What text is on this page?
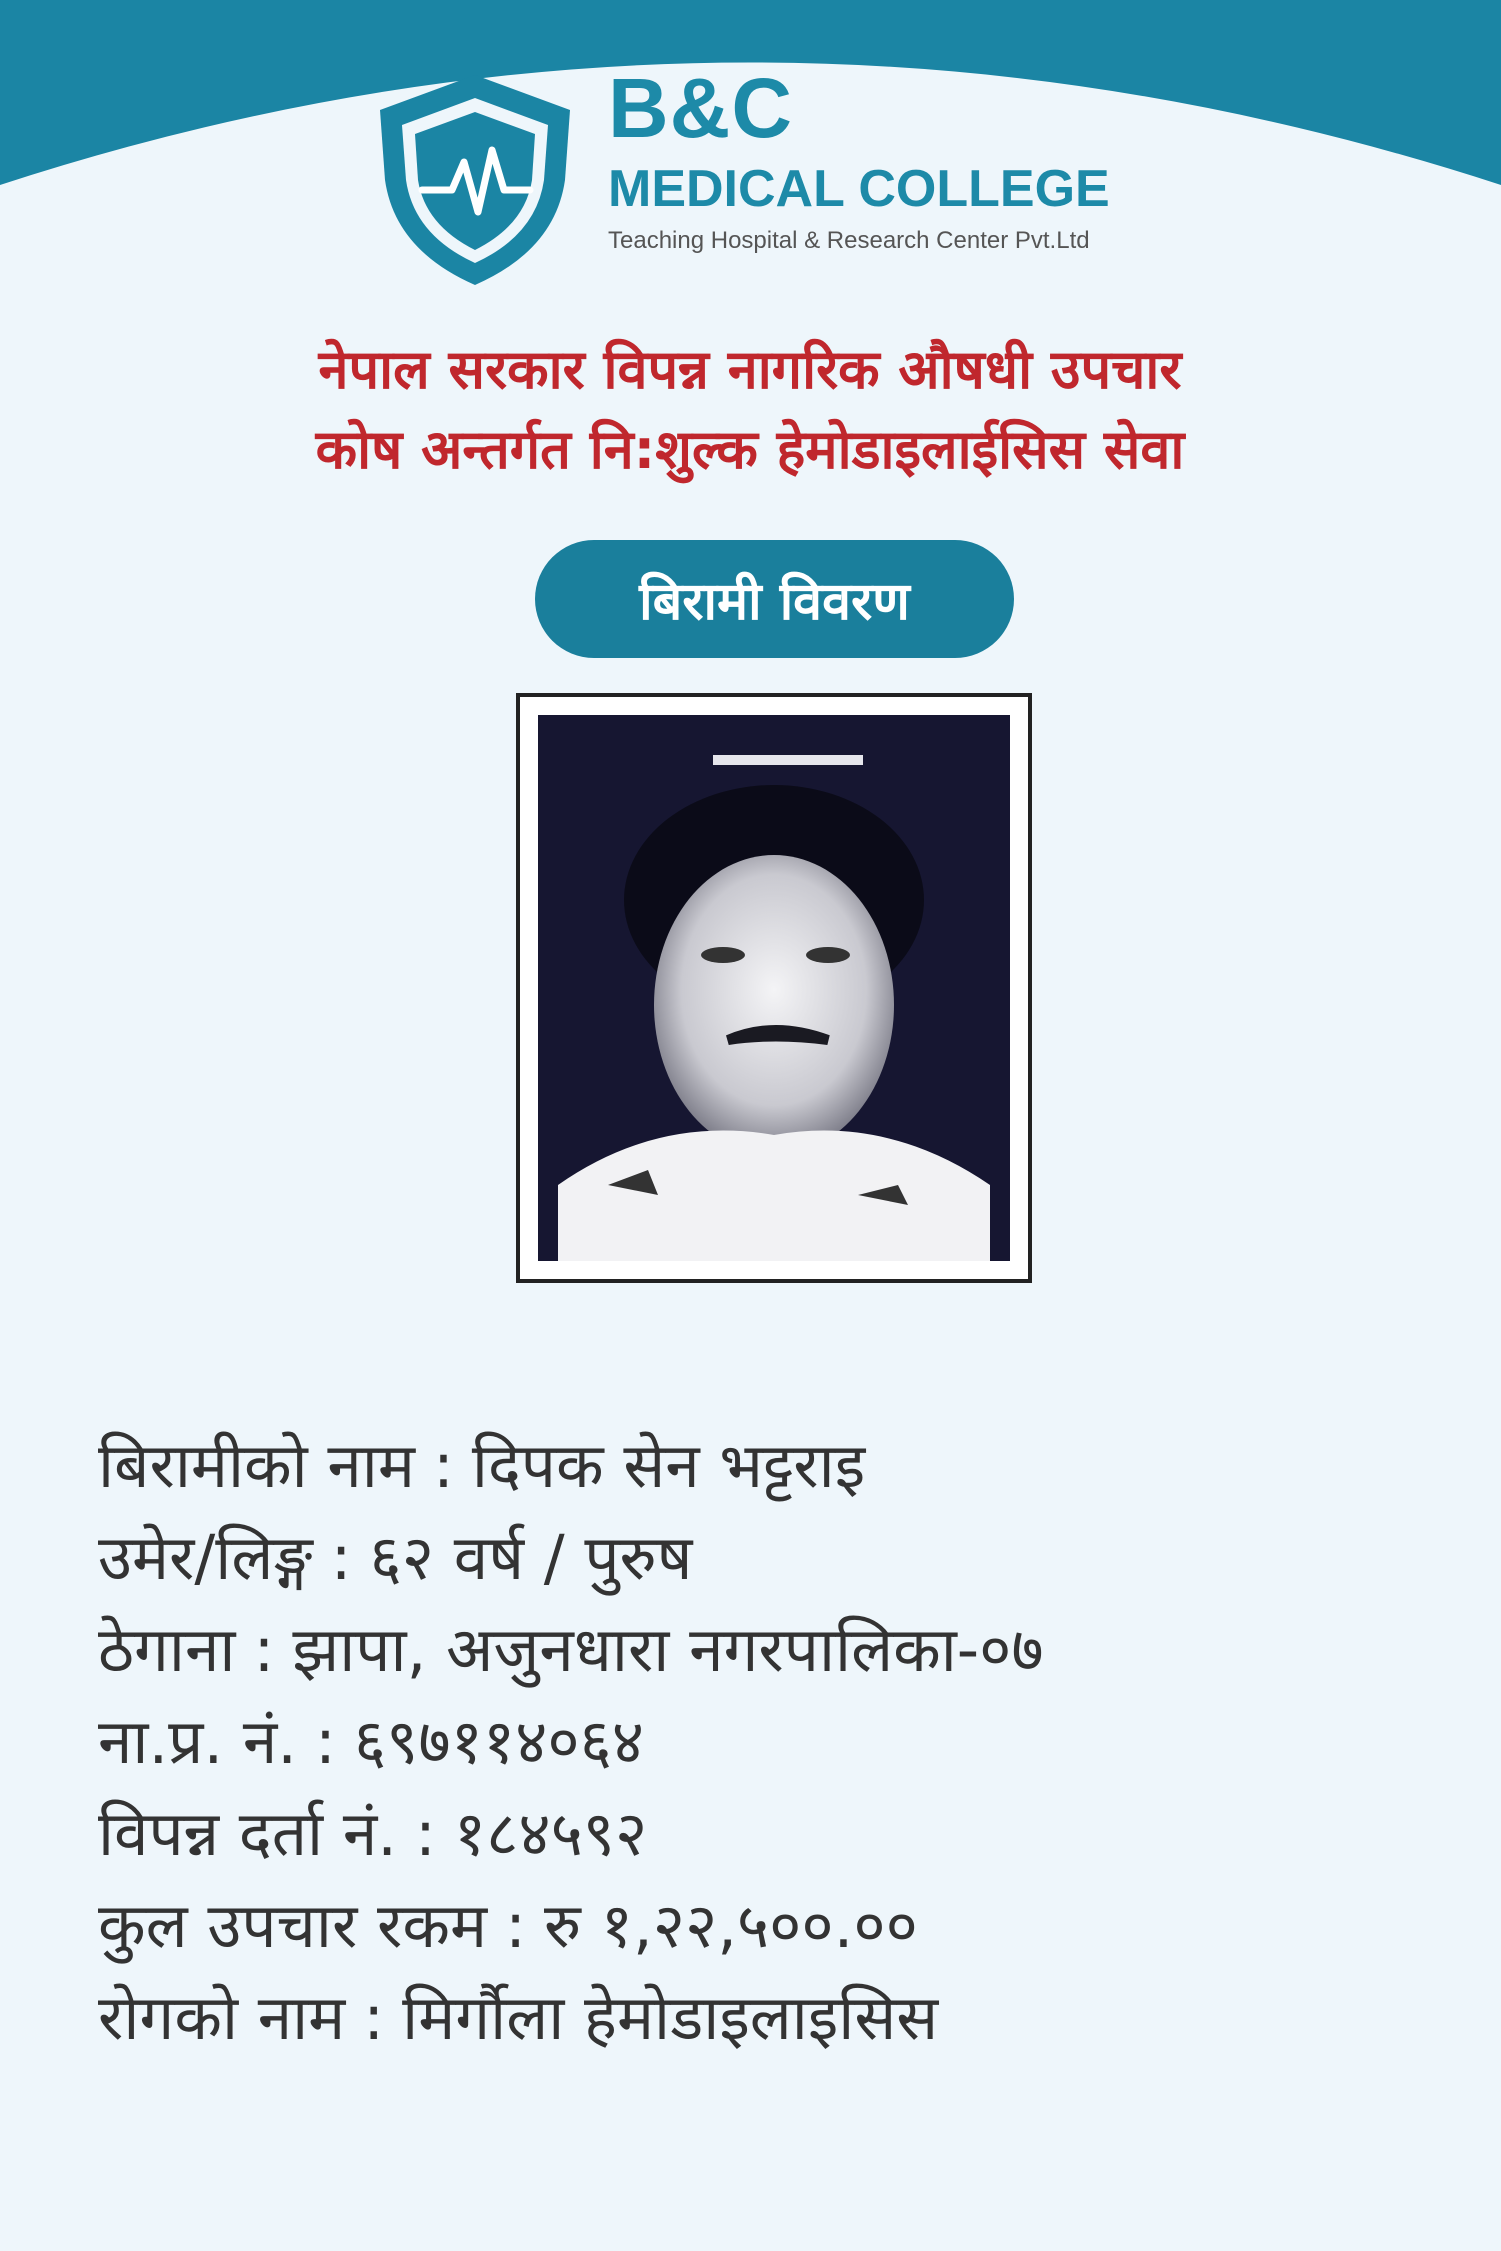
B&C
MEDICAL COLLEGE
Teaching Hospital & Research Center Pvt.Ltd
नेपाल सरकार विपन्न नागरिक औषधी उपचार
कोष अन्तर्गत नि:शुल्क हेमोडाइलाईसिस सेवा
बिरामी विवरण
बिरामीको नाम : दिपक सेन भट्टराइ
उमेर/लिङ्ग : ६२ वर्ष / पुरुष
ठेगाना : झापा, अजुनधारा नगरपालिका-०७
ना.प्र. नं. : ६९७११४०६४
विपन्न दर्ता नं. : १८४५९२
कुल उपचार रकम : रु १,२२,५००.००
रोगको नाम : मिर्गौला हेमोडाइलाइसिस
